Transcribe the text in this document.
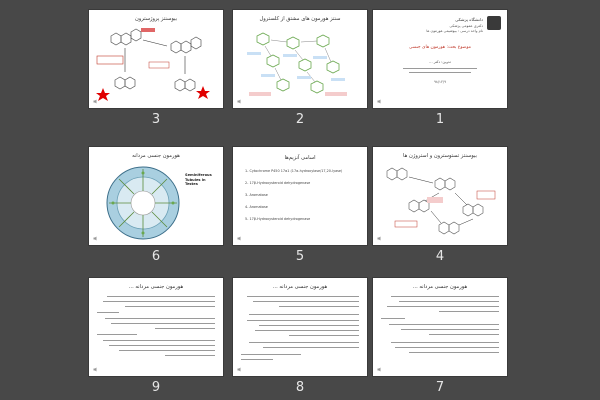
دانشگاه پزشکی
دکتری عمومی پزشکی
نام واحد درسی : بیوشیمی هورمون ها
موضوع بحث: هورمون های جنسی
تدوین: دکتر ...
۹۸/۱۲/۹
1
سنتز هورمون های مشتق از کلسترول
2
بیوسنتز پروژسترون
3
بیوسنتز تستوسترون و استروژن ها
4
اسامی آنزیم‌ها
1- Cytochrome P450 17α1 (17α-hydroxylase/17,20-lyase)
2- 17β-Hydroxysteroid dehydrogenase
3- Aromatase
4- Aromatase
5- 17β-Hydroxysteroid dehydrogenase
5
هورمون جنسی مردانه
Seminiferous Tubules in Testes
6
هورمون جنسی مردانه ...
7
هورمون جنسی مردانه ...
8
هورمون جنسی مردانه ...
9
